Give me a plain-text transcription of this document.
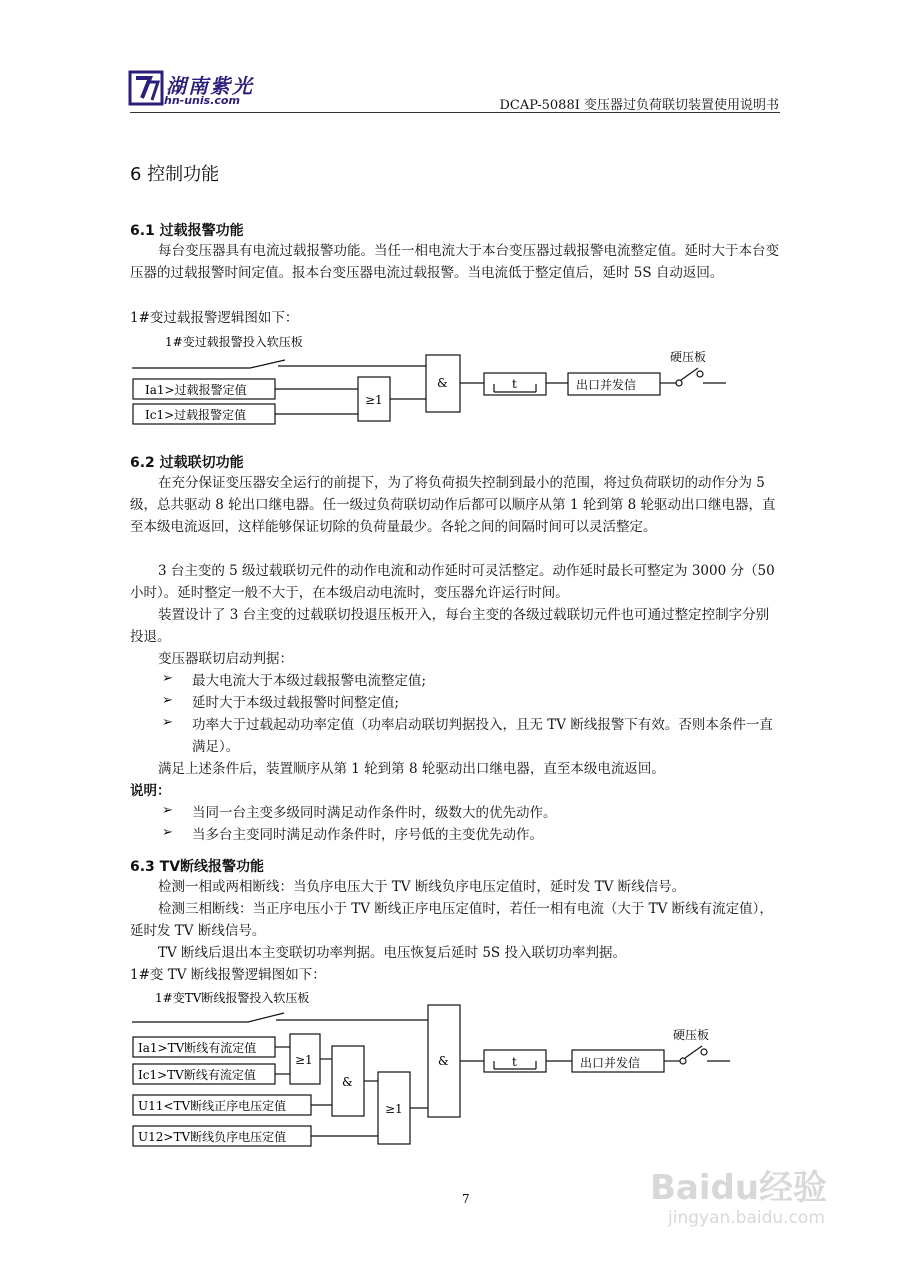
湖南紫光
hn-unis.com	DCAP-5088I 变压器过负荷联切装置使用说明书
6 控制功能
6.1 过载报警功能
每台变压器具有电流过载报警功能。当任一相电流大于本台变压器过载报警电流整定值。延时大于本台变压器的过载报警时间定值。报本台变压器电流过载报警。当电流低于整定值后，延时 5S 自动返回。
1#变过载报警逻辑图如下：
1#变过载报警投入软压板
Ia1>过载报警定值
Ic1>过载报警定值
≥1
&	t	出口并发信
硬压板
6.2 过载联切功能
在充分保证变压器安全运行的前提下，为了将负荷损失控制到最小的范围，将过负荷联切的动作分为 5 级，总共驱动 8 轮出口继电器。任一级过负荷联切动作后都可以顺序从第 1 轮到第 8 轮驱动出口继电器，直至本级电流返回，这样能够保证切除的负荷量最少。各轮之间的间隔时间可以灵活整定。
3 台主变的 5 级过载联切元件的动作电流和动作延时可灵活整定。动作延时最长可整定为 3000 分（50 小时）。延时整定一般不大于，在本级启动电流时，变压器允许运行时间。
装置设计了 3 台主变的过载联切投退压板开入，每台主变的各级过载联切元件也可通过整定控制字分别投退。
变压器联切启动判据：
➢ 最大电流大于本级过载报警电流整定值;
➢ 延时大于本级过载报警时间整定值;
➢ 功率大于过载起动功率定值（功率启动联切判据投入，且无 TV 断线报警下有效。否则本条件一直满足）。
满足上述条件后，装置顺序从第 1 轮到第 8 轮驱动出口继电器，直至本级电流返回。
说明：
➢ 当同一台主变多级同时满足动作条件时，级数大的优先动作。
➢ 当多台主变同时满足动作条件时，序号低的主变优先动作。
6.3 TV断线报警功能
检测一相或两相断线：当负序电压大于 TV 断线负序电压定值时，延时发 TV 断线信号。
检测三相断线：当正序电压小于 TV 断线正序电压定值时，若任一相有电流（大于 TV 断线有流定值），延时发 TV 断线信号。
TV 断线后退出本主变联切功率判据。电压恢复后延时 5S 投入联切功率判据。
1#变 TV 断线报警逻辑图如下：
1#变TV断线报警投入软压板
Ia1>TV断线有流定值
Ic1>TV断线有流定值
U11<TV断线正序电压定值
U12>TV断线负序电压定值
≥1
&
≥1
&	t	出口并发信
硬压板
7	Baidu经验
jingyan.baidu.com
